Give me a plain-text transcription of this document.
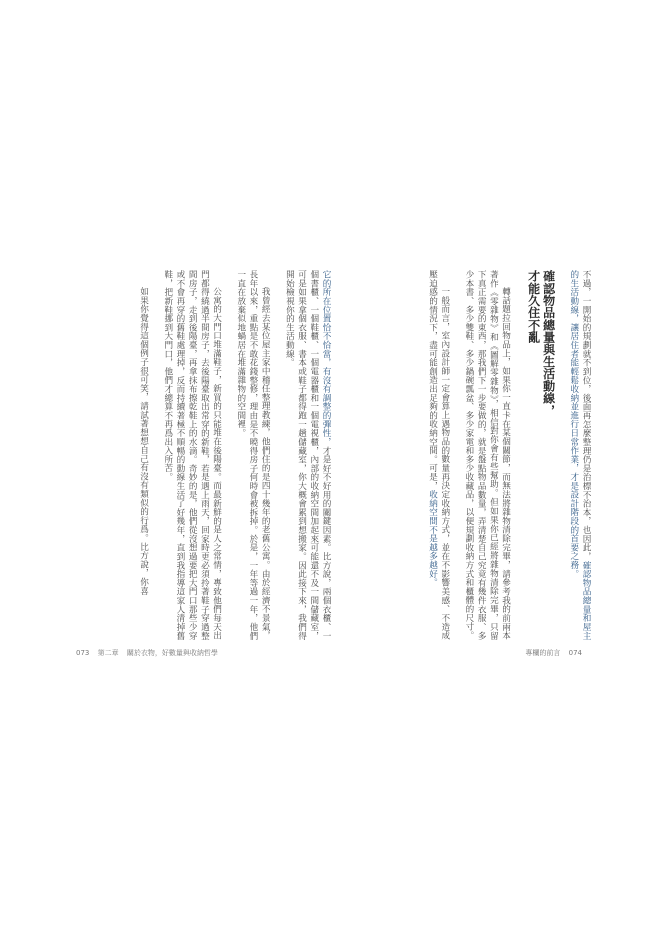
它的所在位置恰不恰當，有沒有調整的彈性，才是好不好用的關鍵因素。比方說，兩個衣櫃、一個書櫃、一個鞋櫃、一個電器櫃和一個電視櫃，內部的收納空間加起來可能還不及一間儲藏室，可是如果拿個衣服、書本或鞋子都得跑一趟儲藏室，你大概會累到想搬家。因此接下來，我們得開始檢視你的生活動線。

我曾經去某位屋主家中稽任整理教練，他們住的是四十幾年的老舊公寓。由於經濟不景氣，長年以來，重點是不敢花錢整修，理由是不曉得房子何時會被拆掉。於是，一年等過一年，他們一直在放棄似地蝸居在堆滿雜物的空間裡。

公寓的大門口堆滿鞋子，新買的只能堆在後陽臺。而最新鮮的是人之常情，專致他們每天出門都得繞過半間房子，去後陽臺取出常穿的新鞋，若是遇上雨天，回家時更必須拎著鞋子穿過整間房子，走到後陽臺，再拿抹布擦乾鞋上的水滴。奇妙的是，他們從沒想過要把大門口那些少穿或不會再穿的舊鞋處理掉，反而持續著極不順暢的動線生活了好幾年，直到我指導這家人清掉舊鞋，把新鞋挪到大門口，他們才總算不再爲出入所苦。

如果你覺得這個例子很可笑，請試著想想自己有沒有類似的行爲。比方說，你喜

073 第二章 關於衣物，好數量與收納哲學

不過，一開始的規劃就不到位，後面再怎麼整理仍是治標不治本，也因此，確認物品總量和屋主的生活動線，讓居住者能輕鬆收納並進行日常作業，才是設計階段的首要之務。

確認物品總量與生活動線，
才能久住不亂

轉話題拉回物品上，如果你一直卡在某個關節，而無法將雜物清除完畢，請參考我的前兩本著作《零雜物》和《圖解零雜物》，相信對你會有些幫助。但如果你已經將雜物清除完畢，只留下真正需要的東西，那我們下一步要做的，就是盤點物品數量，弄清楚自己究竟有幾件衣服、多少本書、多少雙鞋、多少鍋碗瓢盆、多少家電和多少收藏品，以便規劃收納方式和櫃體的尺寸。

一般而言，室內設計師一定會算上遇物品的數量再決定收納方式，並在不影響美感、不造成壓迫感的情況下，盡可能創造出足夠的收納空間。可是，收納空間不是越多越好。

專欄的前言 074
